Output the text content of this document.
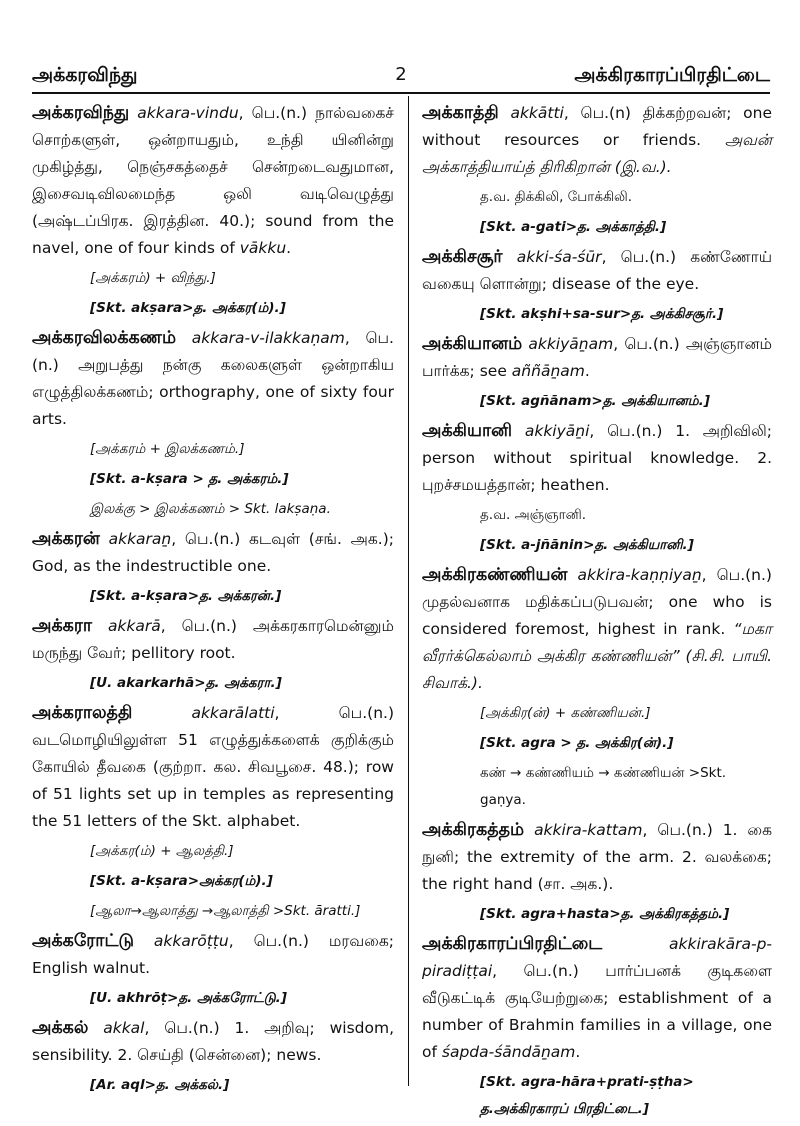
அக்கரவிந்து	2	அக்கிரகாரப்பிரதிட்டை
அக்கரவிந்து akkara-vindu, பெ.(n.) நால்வகைச் சொற்களுள், ஒன்றாயதும், உந்தி யினின்று முகிழ்த்து, நெஞ்சகத்தைச் சென்றடைவதுமான, இசைவடிவிலமைந்த ஒலி வடிவெழுத்து (அஷ்டப்பிரக. இரத்தின. 40.); sound from the navel, one of four kinds of vākku.
[அக்கரம்) + விந்து.]
[Skt. akṣara>த. அக்கர(ம்).]
அக்கரவிலக்கணம் akkara-v-ilakkaṇam, பெ.(n.) அறுபத்து நன்கு கலைகளுள் ஒன்றாகிய எழுத்திலக்கணம்; orthography, one of sixty four arts.
[அக்கரம் + இலக்கணம்.]
[Skt. a-kṣara > த. அக்கரம்.]
இலக்கு > இலக்கணம் > Skt. lakṣaṇa.
அக்கரன் akkaraṉ, பெ.(n.) கடவுள் (சங். அக.); God, as the indestructible one.
[Skt. a-kṣara>த. அக்கரன்.]
அக்கரா akkarā, பெ.(n.) அக்கரகாரமென்னும் மருந்து வேர்; pellitory root.
[U. akarkarhā>த. அக்கரா.]
அக்கராலத்தி	akkarālatti, பெ.(n.) வடமொழியிலுள்ள 51 எழுத்துக்களைக் குறிக்கும் கோயில் தீவகை (குற்றா. கல. சிவபூசை. 48.); row of 51 lights set up in temples as representing the 51 letters of the Skt. alphabet.
[அக்கர(ம்) + ஆலத்தி.]
[Skt. a-kṣara>அக்கர(ம்).]
[ஆலா→ஆலாத்து →ஆலாத்தி >Skt. āratti.]
அக்கரோட்டு akkarōṭṭu, பெ.(n.) மரவகை; English walnut.
[U. akhrōṭ>த. அக்கரோட்டு.]
அக்கல் akkal, பெ.(n.) 1. அறிவு; wisdom, sensibility. 2. செய்தி (சென்னை); news.
[Ar. aql>த. அக்கல்.]
அக்காத்தி akkātti, பெ.(n) திக்கற்றவன்; one without resources or friends. அவன் அக்காத்தியாய்த் திரிகிறான் (இ.வ.).
த.வ. திக்கிலி, போக்கிலி.
[Skt. a-gati>த. அக்காத்தி.]
அக்கிசசூர் akki-śa-śūr, பெ.(n.) கண்ணோய் வகையு ளொன்று; disease of the eye.
[Skt. akṣhi+sa-sur>த. அக்கிசசூர்.]
அக்கியானம் akkiyāṉam, பெ.(n.) அஞ்ஞானம் பார்க்க; see aññāṉam.
[Skt. agñānam>த. அக்கியானம்.]
அக்கியானி akkiyāṉi, பெ.(n.) 1. அறிவிலி; person without spiritual knowledge. 2. புறச்சமயத்தான்; heathen.
த.வ. அஞ்ஞானி.
[Skt. a-jñānin>த. அக்கியானி.]
அக்கிரகண்ணியன் akkira-kaṇṇiyaṉ, பெ.(n.) முதல்வனாக மதிக்கப்படுபவன்; one who is considered foremost, highest in rank. “மகா வீரர்க்கெல்லாம் அக்கிர கண்ணியன்” (சி.சி. பாயி. சிவாக்.).
[அக்கிர(ன்) + கண்ணியன்.]
[Skt. agra > த. அக்கிர(ன்).]
கண் → கண்ணியம் → கண்ணியன் >Skt. gaṇya.
அக்கிரகத்தம் akkira-kattam, பெ.(n.) 1. கை நுனி; the extremity of the arm. 2. வலக்கை; the right hand (சா. அக.).
[Skt. agra+hasta>த. அக்கிரகத்தம்.]
அக்கிரகாரப்பிரதிட்டை	akkirakāra-p-piradiṭṭai, பெ.(n.) பார்ப்பனக் குடிகளை வீடுகட்டிக் குடியேற்றுகை; establishment of a number of Brahmin families in a village, one of śapda-śāndāṉam.
[Skt. agra-hāra+prati-ṣṭha> த.அக்கிரகாரப் பிரதிட்டை.]
